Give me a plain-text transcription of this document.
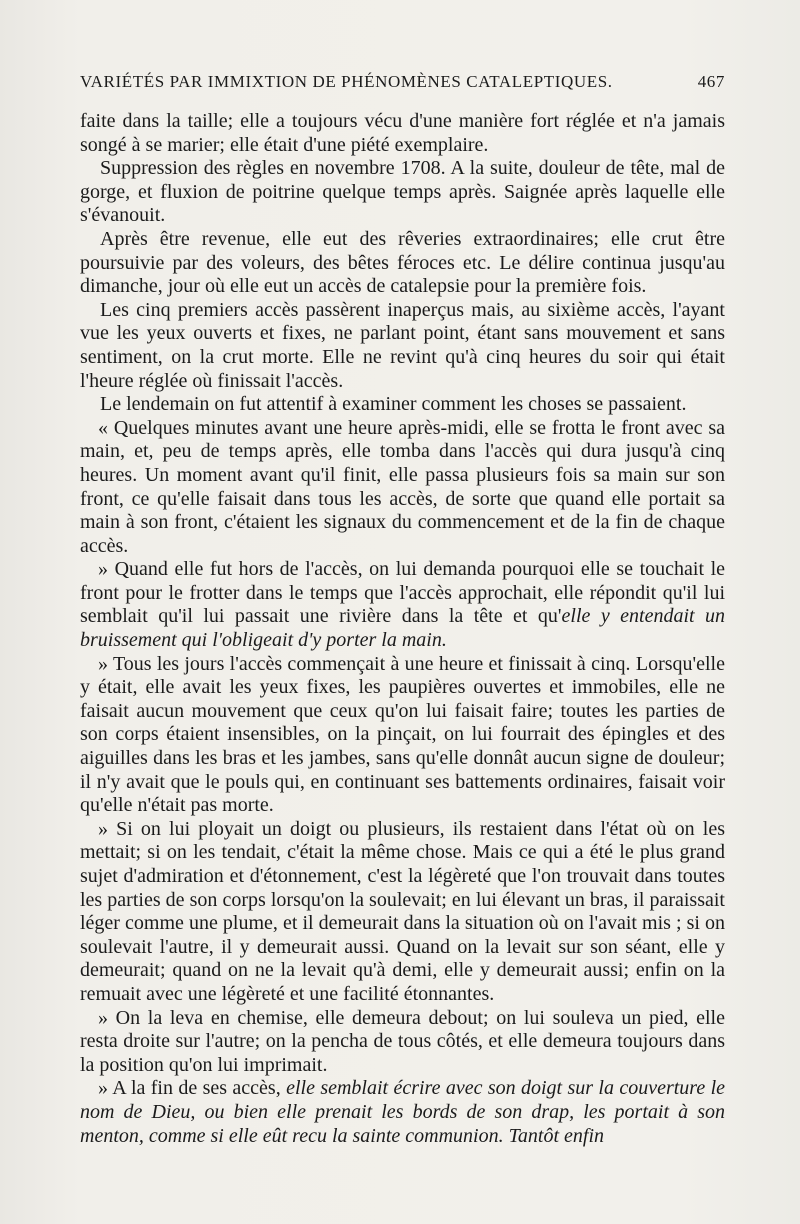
VARIÉTÉS PAR IMMIXTION DE PHÉNOMÈNES CATALEPTIQUES.	467

faite dans la taille; elle a toujours vécu d'une manière fort réglée et n'a jamais songé à se marier; elle était d'une piété exemplaire.

Suppression des règles en novembre 1708. A la suite, douleur de tête, mal de gorge, et fluxion de poitrine quelque temps après. Saignée après laquelle elle s'évanouit.

Après être revenue, elle eut des rêveries extraordinaires; elle crut être poursuivie par des voleurs, des bêtes féroces etc. Le délire continua jusqu'au dimanche, jour où elle eut un accès de catalepsie pour la première fois.

Les cinq premiers accès passèrent inaperçus mais, au sixième accès, l'ayant vue les yeux ouverts et fixes, ne parlant point, étant sans mouvement et sans sentiment, on la crut morte. Elle ne revint qu'à cinq heures du soir qui était l'heure réglée où finissait l'accès.

Le lendemain on fut attentif à examiner comment les choses se passaient.

« Quelques minutes avant une heure après-midi, elle se frotta le front avec sa main, et, peu de temps après, elle tomba dans l'accès qui dura jusqu'à cinq heures. Un moment avant qu'il finit, elle passa plusieurs fois sa main sur son front, ce qu'elle faisait dans tous les accès, de sorte que quand elle portait sa main à son front, c'étaient les signaux du commencement et de la fin de chaque accès.

» Quand elle fut hors de l'accès, on lui demanda pourquoi elle se touchait le front pour le frotter dans le temps que l'accès approchait, elle répondit qu'il lui semblait qu'il lui passait une rivière dans la tête et qu'elle y entendait un bruissement qui l'obligeait d'y porter la main.

» Tous les jours l'accès commençait à une heure et finissait à cinq. Lorsqu'elle y était, elle avait les yeux fixes, les paupières ouvertes et immobiles, elle ne faisait aucun mouvement que ceux qu'on lui faisait faire; toutes les parties de son corps étaient insensibles, on la pinçait, on lui fourrait des épingles et des aiguilles dans les bras et les jambes, sans qu'elle donnât aucun signe de douleur; il n'y avait que le pouls qui, en continuant ses battements ordinaires, faisait voir qu'elle n'était pas morte.

» Si on lui ployait un doigt ou plusieurs, ils restaient dans l'état où on les mettait; si on les tendait, c'était la même chose. Mais ce qui a été le plus grand sujet d'admiration et d'étonnement, c'est la légèreté que l'on trouvait dans toutes les parties de son corps lorsqu'on la soulevait; en lui élevant un bras, il paraissait léger comme une plume, et il demeurait dans la situation où on l'avait mis ; si on soulevait l'autre, il y demeurait aussi. Quand on la levait sur son séant, elle y demeurait; quand on ne la levait qu'à demi, elle y demeurait aussi; enfin on la remuait avec une légèreté et une facilité étonnantes.

» On la leva en chemise, elle demeura debout; on lui souleva un pied, elle resta droite sur l'autre; on la pencha de tous côtés, et elle demeura toujours dans la position qu'on lui imprimait.

» A la fin de ses accès, elle semblait écrire avec son doigt sur la couverture le nom de Dieu, ou bien elle prenait les bords de son drap, les portait à son menton, comme si elle eût recu la sainte communion. Tantôt enfin
